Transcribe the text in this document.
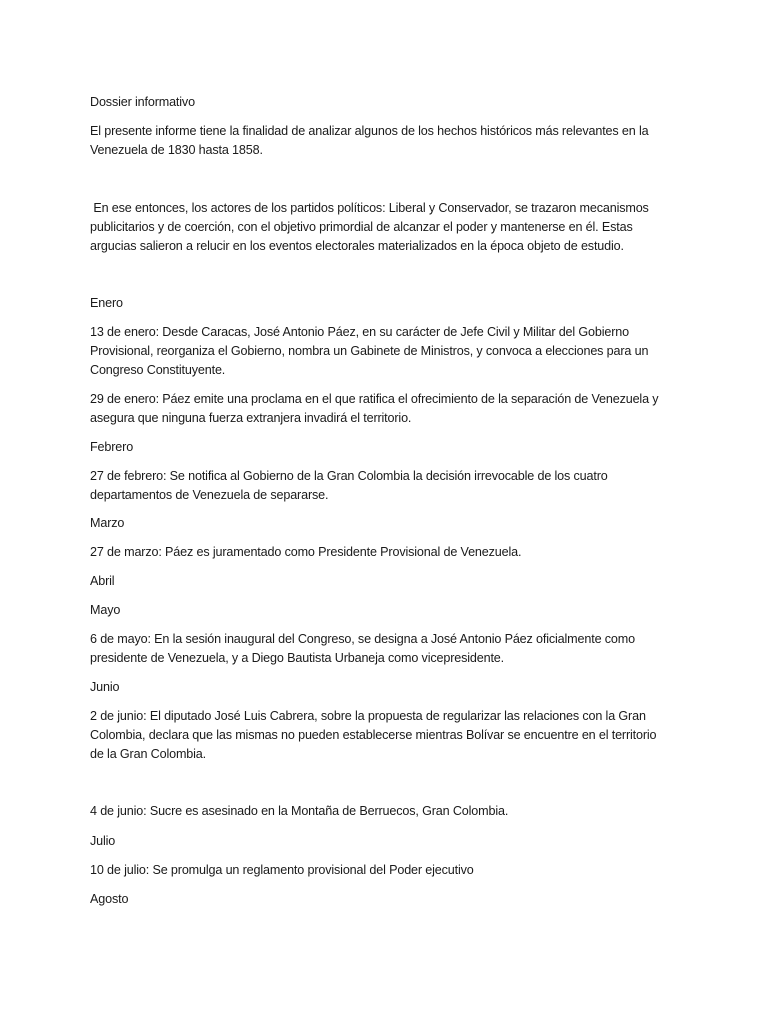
Dossier informativo

El presente informe tiene la finalidad de analizar algunos de los hechos históricos más relevantes en la

Venezuela de 1830 hasta 1858.

En ese entonces, los actores de los partidos políticos: Liberal y Conservador, se trazaron mecanismos

publicitarios y de coerción, con el objetivo primordial de alcanzar el poder y mantenerse en él. Estas

argucias salieron a relucir en los eventos electorales materializados en la época objeto de estudio.

Enero

13 de enero: Desde Caracas, José Antonio Páez, en su carácter de Jefe Civil y Militar del Gobierno

Provisional, reorganiza el Gobierno, nombra un Gabinete de Ministros, y convoca a elecciones para un

Congreso Constituyente.

29 de enero: Páez emite una proclama en el que ratifica el ofrecimiento de la separación de Venezuela y

asegura que ninguna fuerza extranjera invadirá el territorio.

Febrero

27 de febrero: Se notifica al Gobierno de la Gran Colombia la decisión irrevocable de los cuatro

departamentos de Venezuela de separarse.

Marzo

27 de marzo: Páez es juramentado como Presidente Provisional de Venezuela.

Abril

Mayo

6 de mayo: En la sesión inaugural del Congreso, se designa a José Antonio Páez oficialmente como

presidente de Venezuela, y a Diego Bautista Urbaneja como vicepresidente.

Junio

2 de junio: El diputado José Luis Cabrera, sobre la propuesta de regularizar las relaciones con la Gran

Colombia, declara que las mismas no pueden establecerse mientras Bolívar se encuentre en el territorio

de la Gran Colombia.

4 de junio: Sucre es asesinado en la Montaña de Berruecos, Gran Colombia.

Julio

10 de julio: Se promulga un reglamento provisional del Poder ejecutivo

Agosto
